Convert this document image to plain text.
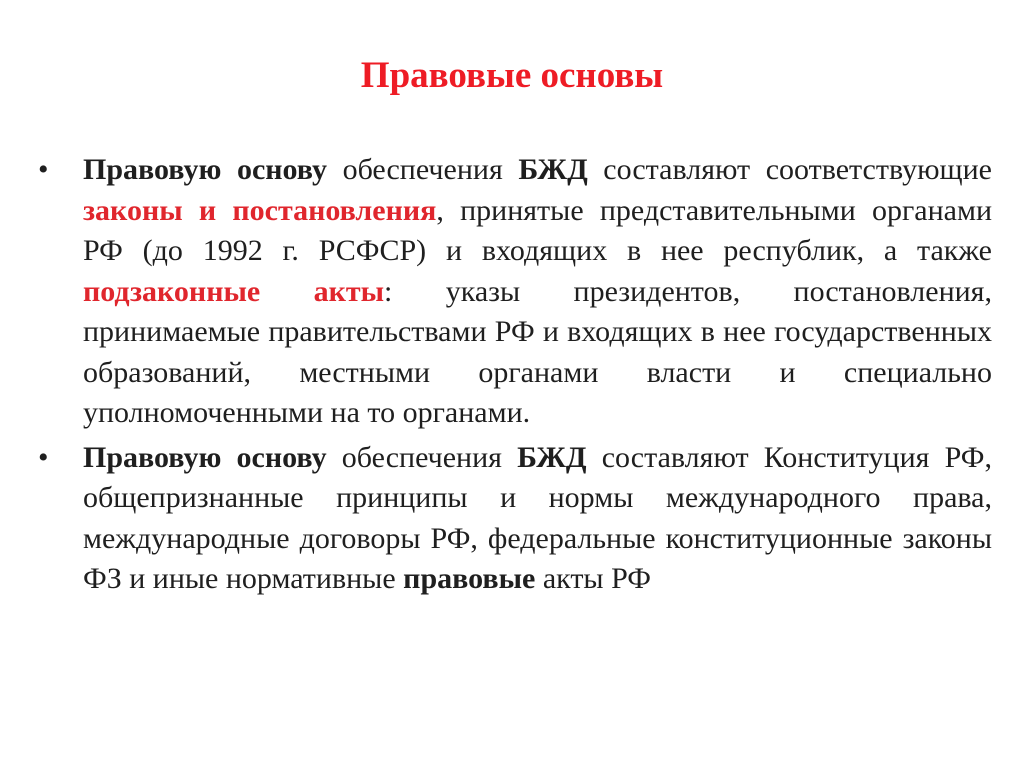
Правовые основы
• Правовую основу обеспечения БЖД составляют соответствующие законы и постановления, принятые представительными органами РФ (до 1992 г. РСФСР) и входящих в нее республик, а также подзаконные акты: указы президентов, постановления, принимаемые правительствами РФ и входящих в нее государственных образований, местными органами власти и специально уполномоченными на то органами.

• Правовую основу обеспечения БЖД составляют Конституция РФ, общепризнанные принципы и нормы международного права, международные договоры РФ, федеральные конституционные законы ФЗ и иные нормативные правовые акты РФ
